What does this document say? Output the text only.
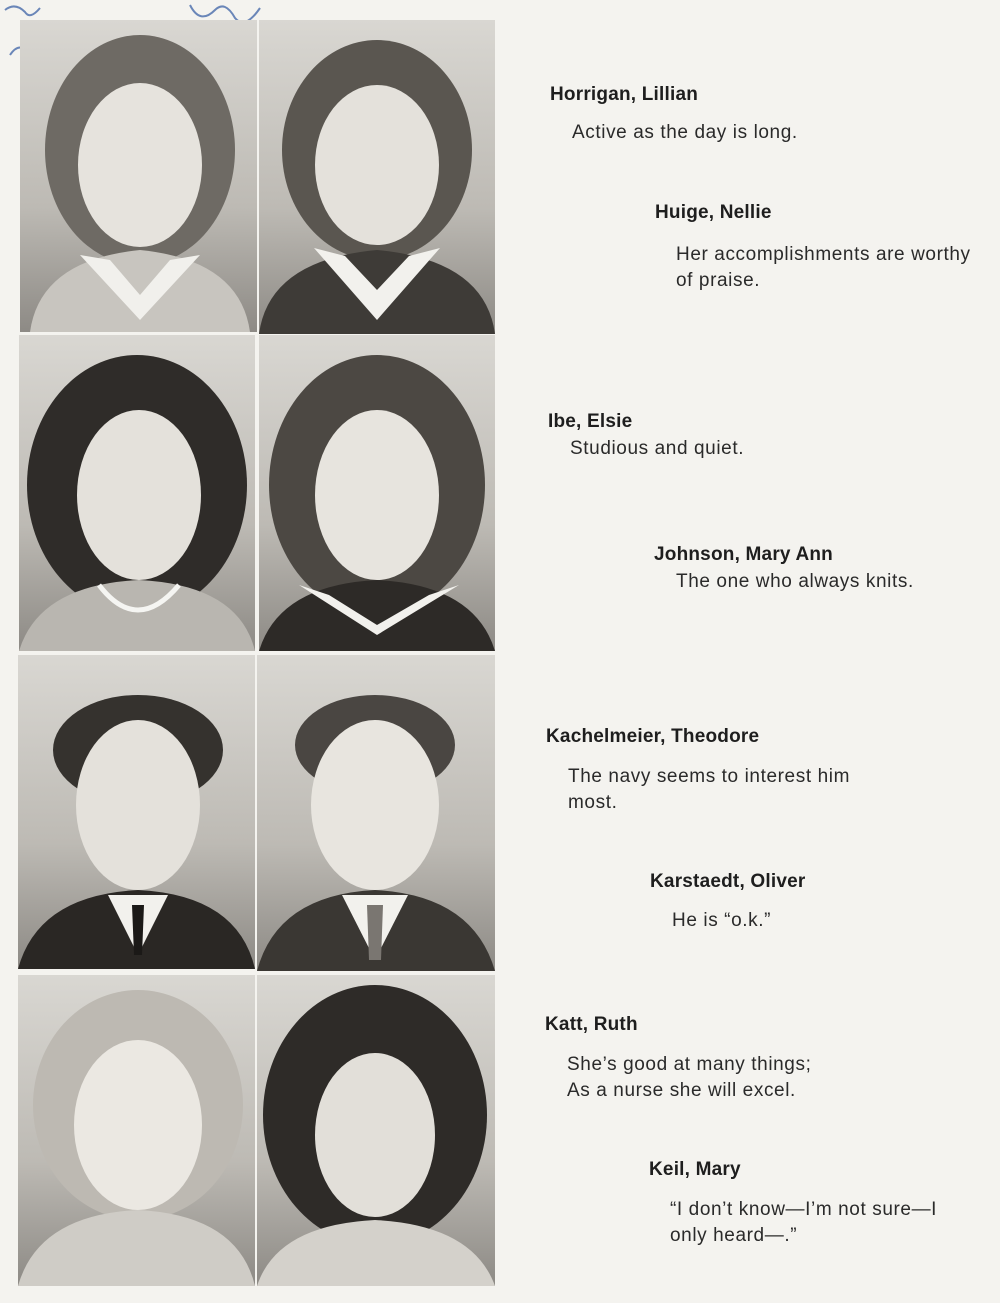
Horrigan, Lillian
Active as the day is long.
Huige, Nellie
Her accomplishments are worthy
of praise.
Ibe, Elsie
Studious and quiet.
Johnson, Mary Ann
The one who always knits.
Kachelmeier, Theodore
The navy seems to interest him
most.
Karstaedt, Oliver
He is “o.k.”
Katt, Ruth
She’s good at many things;
As a nurse she will excel.
Keil, Mary
“I don’t know—I’m not sure—I
only heard—.”
